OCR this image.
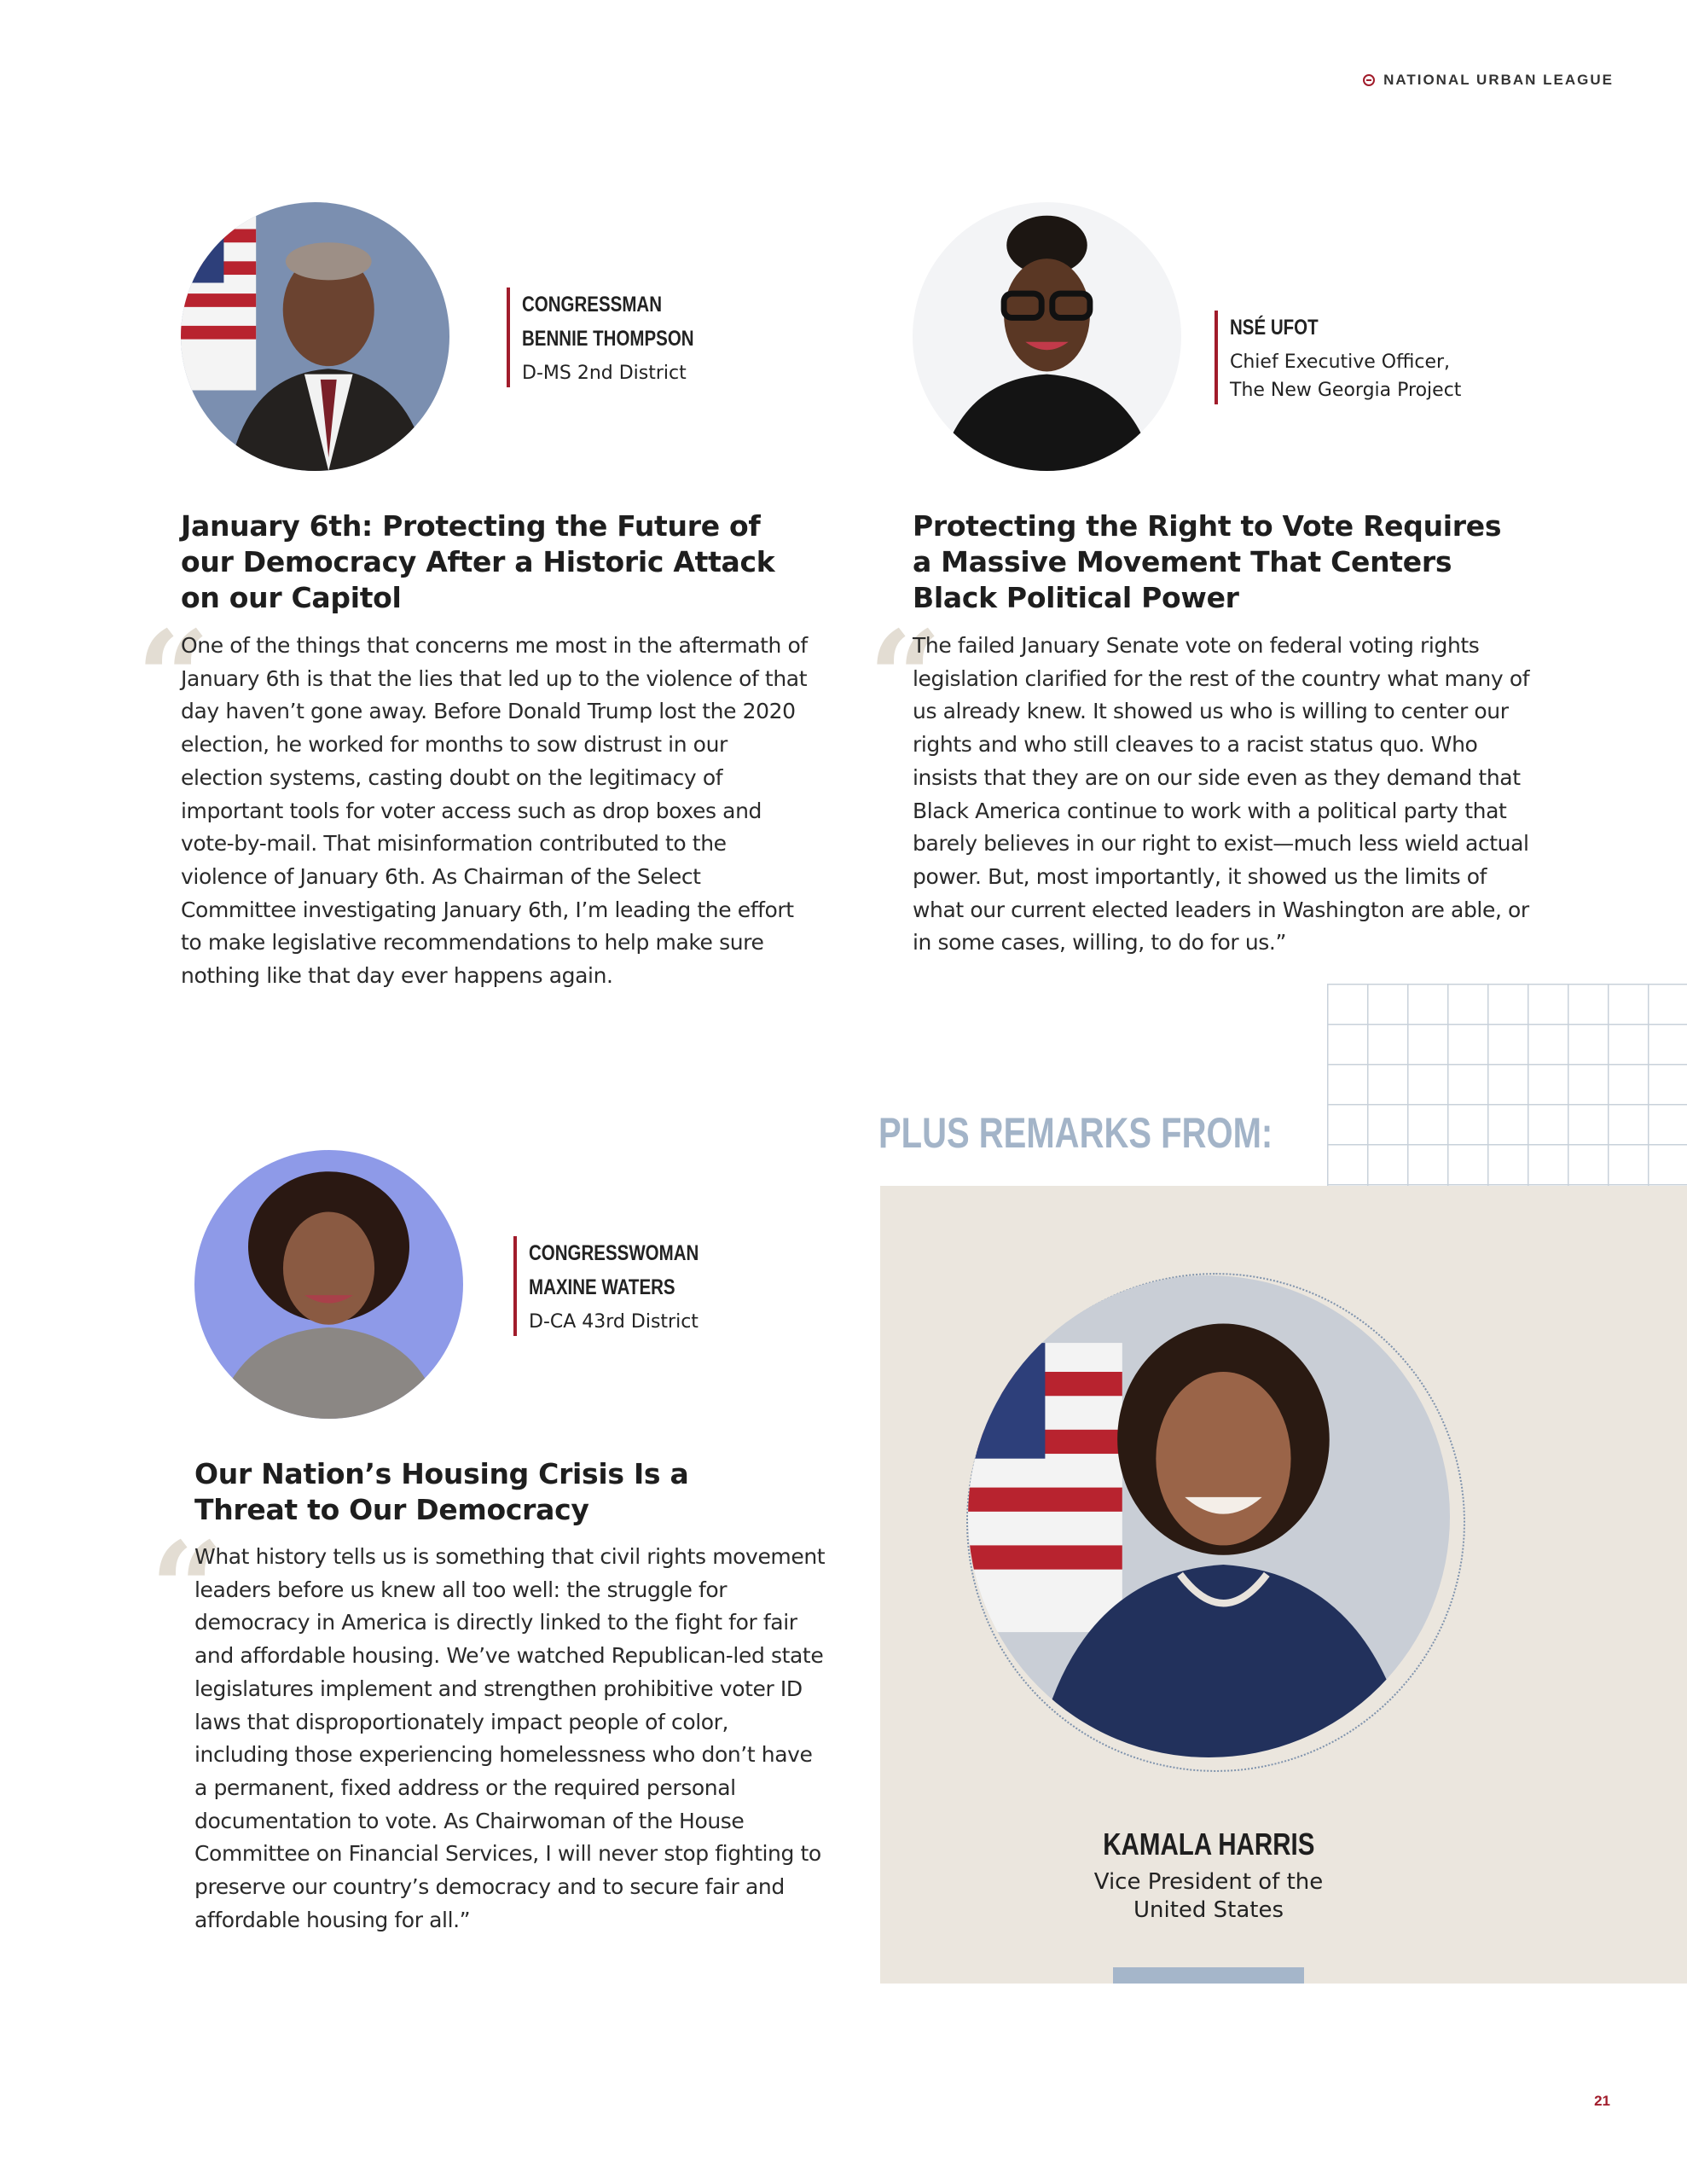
NATIONAL URBAN LEAGUE
CONGRESSMAN
BENNIE THOMPSON
D-MS 2nd District
January 6th: Protecting the Future of our Democracy After a Historic Attack on our Capitol
“

One of the things that concerns me most in the aftermath of January 6th is that the lies that led up to the violence of that day haven’t gone away. Before Donald Trump lost the 2020 election, he worked for months to sow distrust in our election systems, casting doubt on the legitimacy of important tools for voter access such as drop boxes and vote-by-mail. That misinformation contributed to the violence of January 6th. As Chairman of the Select Committee investigating January 6th, I’m leading the effort to make legislative recommendations to help make sure nothing like that day ever happens again.

NSÉ UFOT
Chief Executive Officer,
The New Georgia Project
Protecting the Right to Vote Requires a Massive Movement That Centers Black Political Power
“

The failed January Senate vote on federal voting rights legislation clarified for the rest of the country what many of us already knew. It showed us who is willing to center our rights and who still cleaves to a racist status quo. Who insists that they are on our side even as they demand that Black America continue to work with a political party that barely believes in our right to exist—much less wield actual power. But, most importantly, it showed us the limits of what our current elected leaders in Washington are able, or in some cases, willing, to do for us.”

CONGRESSWOMAN
MAXINE WATERS
D-CA 43rd District
Our Nation’s Housing Crisis Is a Threat to Our Democracy
“

What history tells us is something that civil rights movement leaders before us knew all too well: the struggle for democracy in America is directly linked to the fight for fair and affordable housing. We’ve watched Republican-led state legislatures implement and strengthen prohibitive voter ID laws that disproportionately impact people of color, including those experiencing homelessness who don’t have a permanent, fixed address or the required personal documentation to vote. As Chairwoman of the House Committee on Financial Services, I will never stop fighting to preserve our country’s democracy and to secure fair and affordable housing for all.”

PLUS REMARKS FROM:
KAMALA HARRIS
Vice President of the
United States
21
